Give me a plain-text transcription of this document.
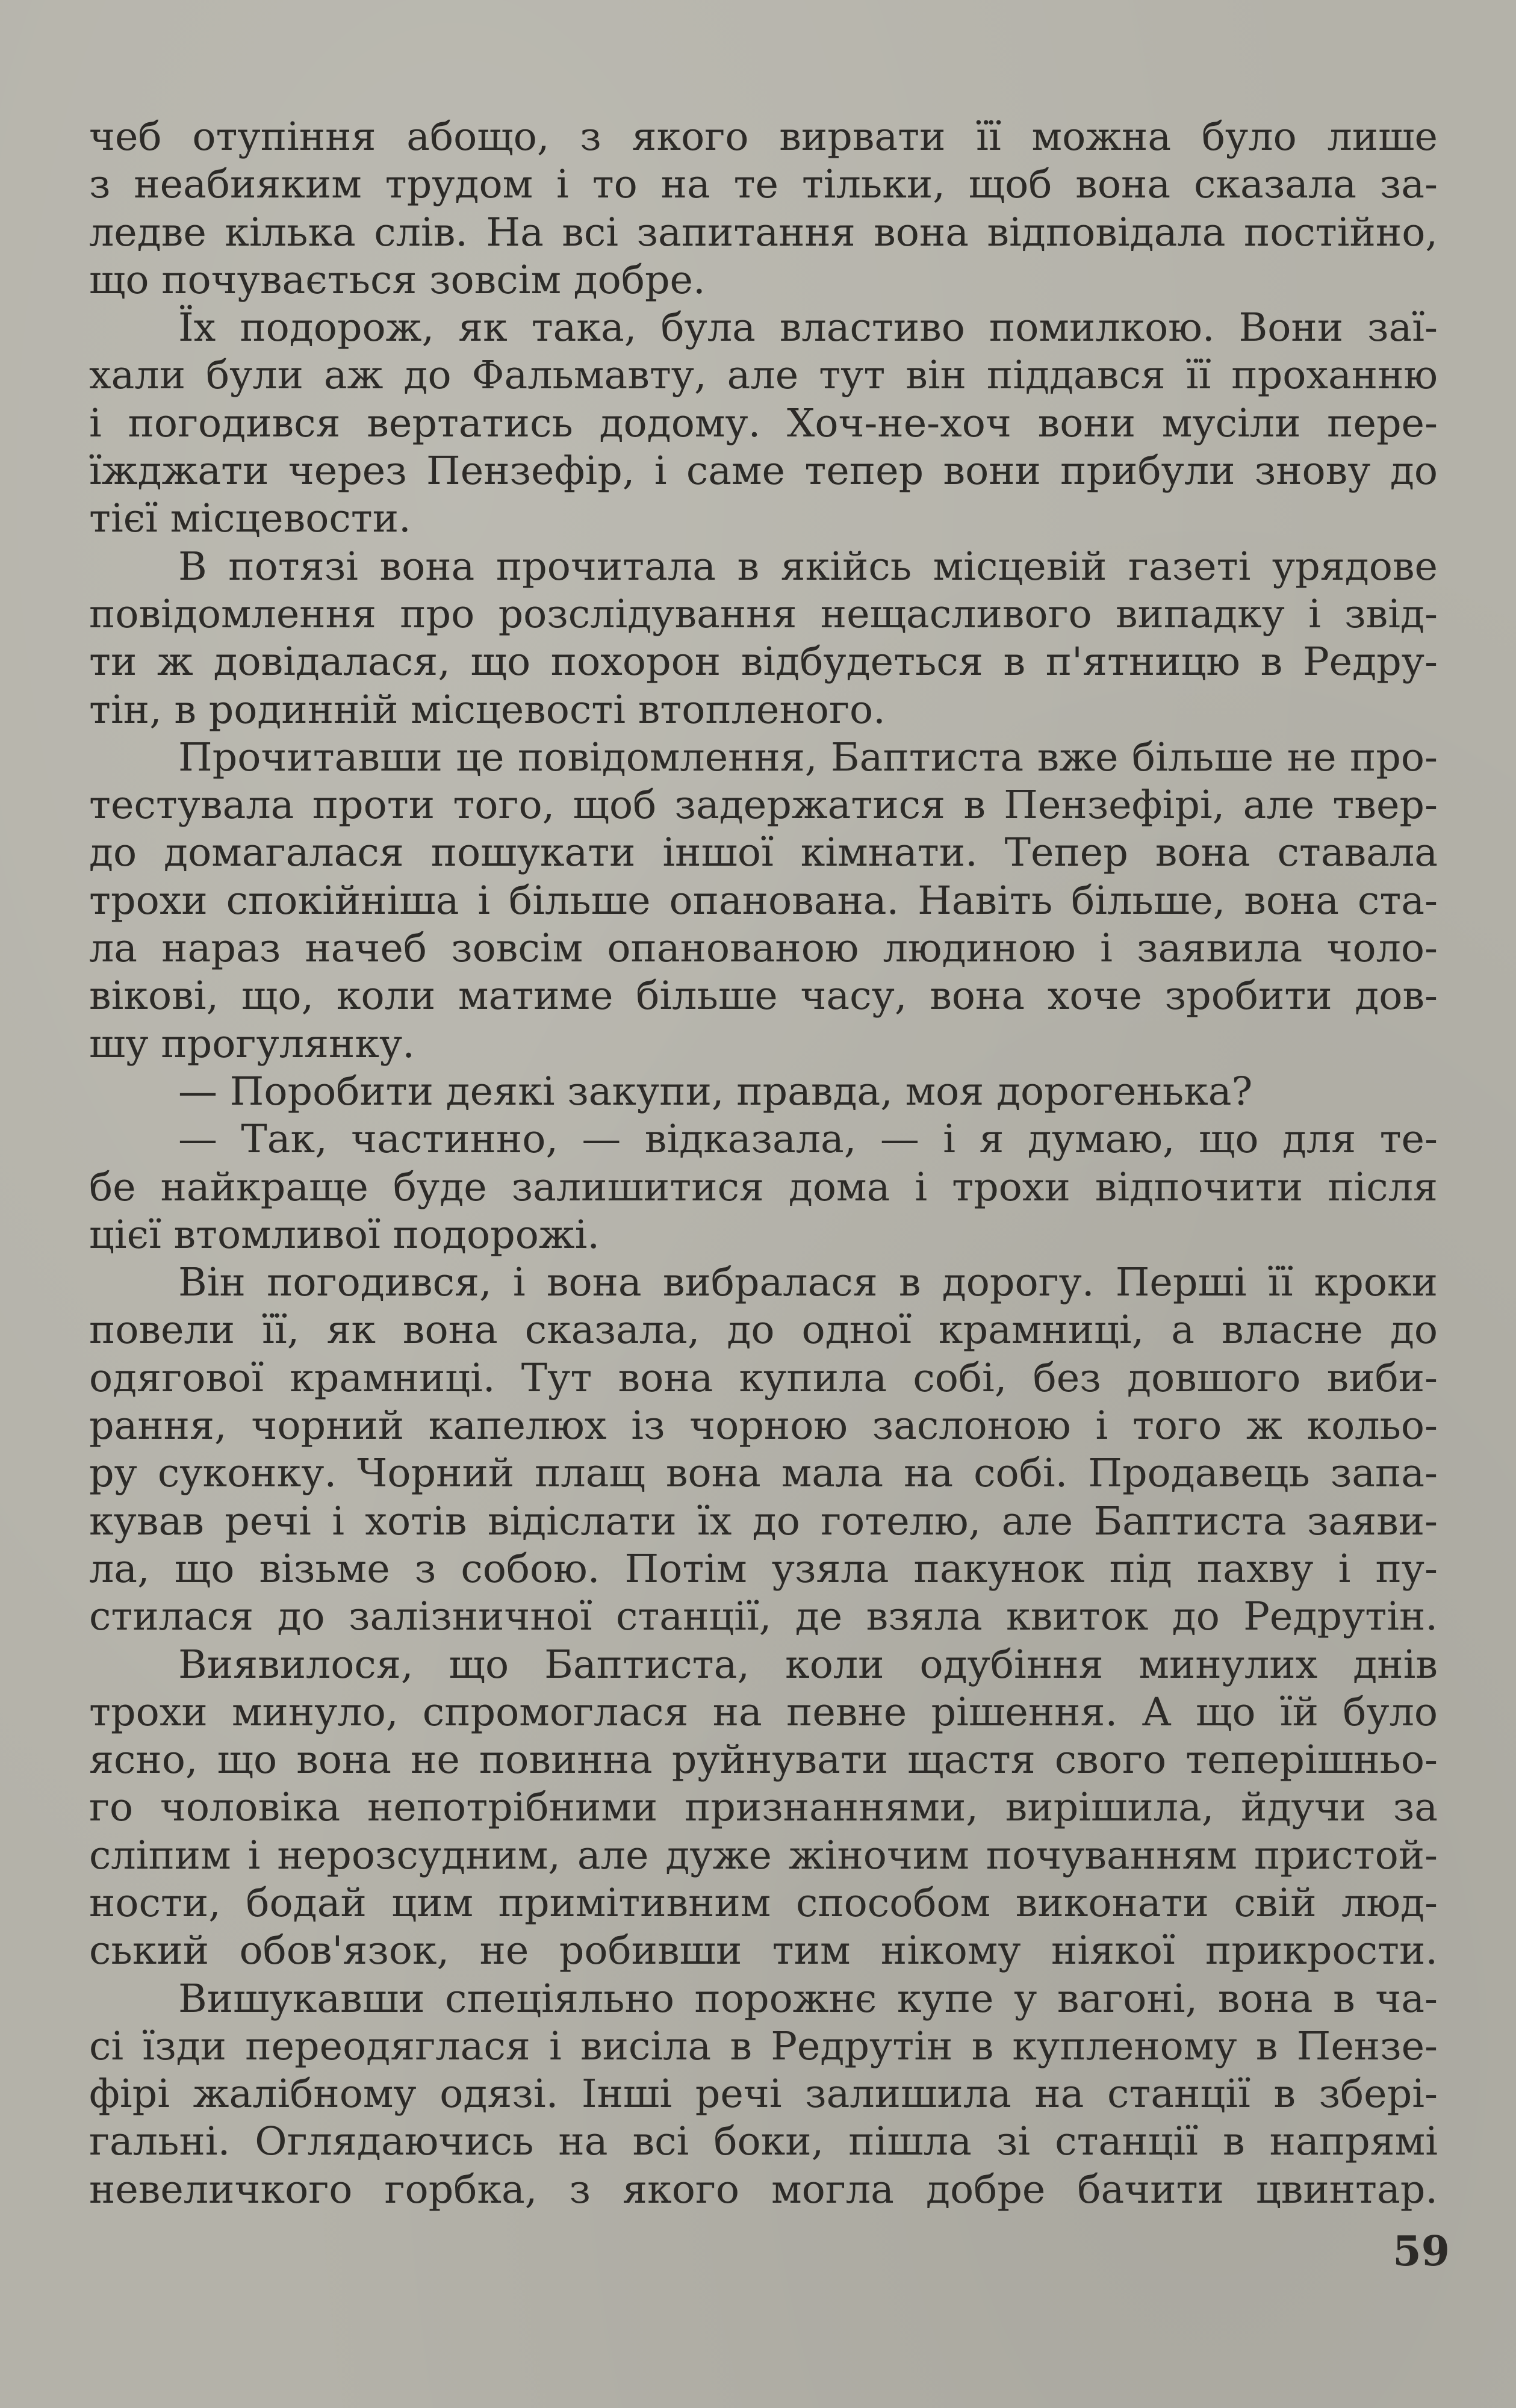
чеб отупіння абощо, з якого вирвати її можна було лише
з неабияким трудом і то на те тільки, щоб вона сказала за-
ледве кілька слів. На всі запитання вона відповідала постійно,
що почувається зовсім добре.
Їх подорож, як така, була властиво помилкою. Вони заї-
хали були аж до Фальмавту, але тут він піддався її проханню
і погодився вертатись додому. Хоч-не-хоч вони мусіли пере-
їжджати через Пензефір, і саме тепер вони прибули знову до
тієї місцевости.
В потязі вона прочитала в якійсь місцевій газеті урядове
повідомлення про розслідування нещасливого випадку і звід-
ти ж довідалася, що похорон відбудеться в п'ятницю в Редру-
тін, в родинній місцевості втопленого.
Прочитавши це повідомлення, Баптиста вже більше не про-
тестувала проти того, щоб задержатися в Пензефірі, але твер-
до домагалася пошукати іншої кімнати. Тепер вона ставала
трохи спокійніша і більше опанована. Навіть більше, вона ста-
ла нараз начеб зовсім опанованою людиною і заявила чоло-
вікові, що, коли матиме більше часу, вона хоче зробити дов-
шу прогулянку.
— Поробити деякі закупи, правда, моя дорогенька?
— Так, частинно, — відказала, — і я думаю, що для те-
бе найкраще буде залишитися дома і трохи відпочити після
цієї втомливої подорожі.
Він погодився, і вона вибралася в дорогу. Перші її кроки
повели її, як вона сказала, до одної крамниці, а власне до
одягової крамниці. Тут вона купила собі, без довшого виби-
рання, чорний капелюх із чорною заслоною і того ж кольо-
ру суконку. Чорний плащ вона мала на собі. Продавець запа-
кував речі і хотів відіслати їх до готелю, але Баптиста заяви-
ла, що візьме з собою. Потім узяла пакунок під пахву і пу-
стилася до залізничної станції, де взяла квиток до Редрутін.
Виявилося, що Баптиста, коли одубіння минулих днів
трохи минуло, спромоглася на певне рішення. А що їй було
ясно, що вона не повинна руйнувати щастя свого теперішньо-
го чоловіка непотрібними признаннями, вирішила, йдучи за
сліпим і нерозсудним, але дуже жіночим почуванням пристой-
ности, бодай цим примітивним способом виконати свій люд-
ський обов'язок, не робивши тим нікому ніякої прикрости.
Вишукавши спеціяльно порожнє купе у вагоні, вона в ча-
сі їзди переодяглася і висіла в Редрутін в купленому в Пензе-
фірі жалібному одязі. Інші речі залишила на станції в збері-
гальні. Оглядаючись на всі боки, пішла зі станції в напрямі
невеличкого горбка, з якого могла добре бачити цвинтар.
59
